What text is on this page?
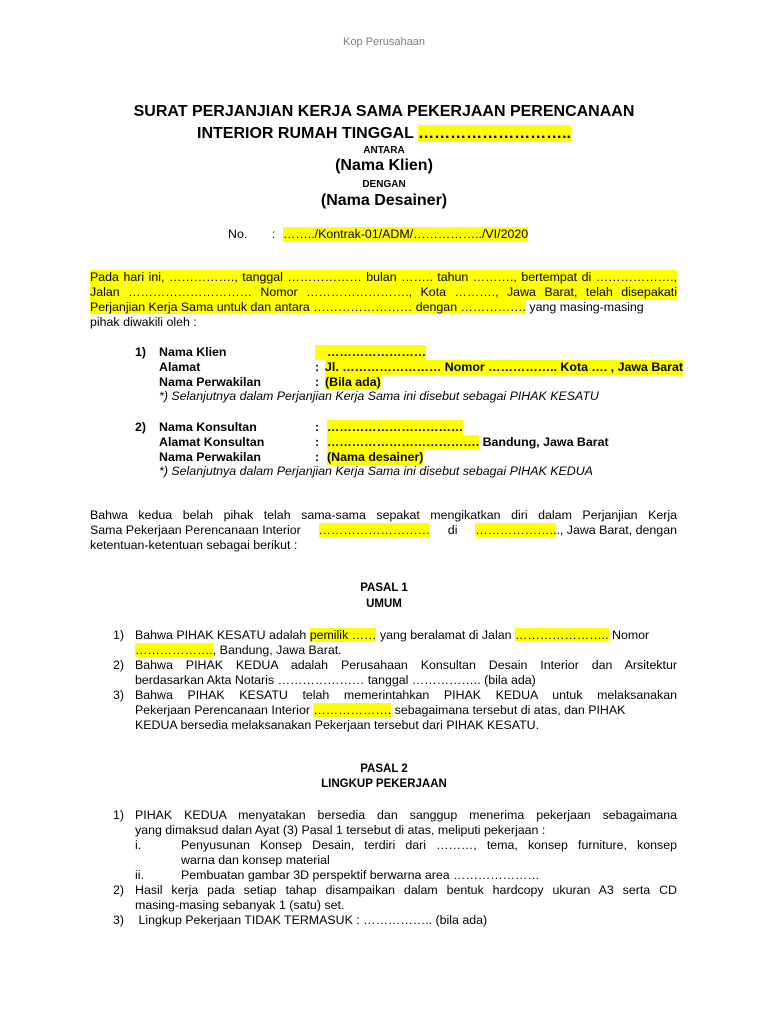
Kop Perusahaan
SURAT PERJANJIAN KERJA SAMA PEKERJAAN PERENCANAAN
INTERIOR RUMAH TINGGAL ………………………..
ANTARA
(Nama Klien)
DENGAN
(Nama Desainer)
No. : ……../Kontrak-01/ADM/……………../VI/2020
Pada hari ini, ……………., tanggal ……………… bulan …….. tahun ………., bertempat di ……………….,
Jalan ………………………… Nomor ……………………., Kota ………., Jawa Barat, telah disepakati
Perjanjian Kerja Sama untuk dan antara …………………… dengan ……………. yang masing-masing
pihak diwakili oleh :
1) Nama Klien	……………………
Alamat	: Jl. …………………… Nomor …………….. Kota …. , Jawa Barat
Nama Perwakilan	: (Bila ada)
*) Selanjutnya dalam Perjanjian Kerja Sama ini disebut sebagai PIHAK KESATU
2) Nama Konsultan	: ……………………………
Alamat Konsultan	: ………………………………. Bandung, Jawa Barat
Nama Perwakilan	: (Nama desainer)
*) Selanjutnya dalam Perjanjian Kerja Sama ini disebut sebagai PIHAK KEDUA
Bahwa kedua belah pihak telah sama-sama sepakat mengikatkan diri dalam Perjanjian Kerja
Sama Pekerjaan Perencanaan Interior ……………………… di ………………..., Jawa Barat, dengan
ketentuan-ketentuan sebagai berikut :
PASAL 1
UMUM
1) Bahwa PIHAK KESATU adalah pemilik …… yang beralamat di Jalan ………………….. Nomor
………………., Bandung, Jawa Barat.
2) Bahwa PIHAK KEDUA adalah Perusahaan Konsultan Desain Interior dan Arsitektur
berdasarkan Akta Notaris ………………… tanggal …………….. (bila ada)
3) Bahwa PIHAK KESATU telah memerintahkan PIHAK KEDUA untuk melaksanakan
Pekerjaan Perencanaan Interior ………………. sebagaimana tersebut di atas, dan PIHAK
KEDUA bersedia melaksanakan Pekerjaan tersebut dari PIHAK KESATU.
PASAL 2
LINGKUP PEKERJAAN
1) PIHAK KEDUA menyatakan bersedia dan sanggup menerima pekerjaan sebagaimana
yang dimaksud dalan Ayat (3) Pasal 1 tersebut di atas, meliputi pekerjaan :
i.	Penyusunan Konsep Desain, terdiri dari ………, tema, konsep furniture, konsep
warna dan konsep material
ii.	Pembuatan gambar 3D perspektif berwarna area …………………
2) Hasil kerja pada setiap tahap disampaikan dalam bentuk hardcopy ukuran A3 serta CD
masing-masing sebanyak 1 (satu) set.
3) Lingkup Pekerjaan TIDAK TERMASUK : …………….. (bila ada)
